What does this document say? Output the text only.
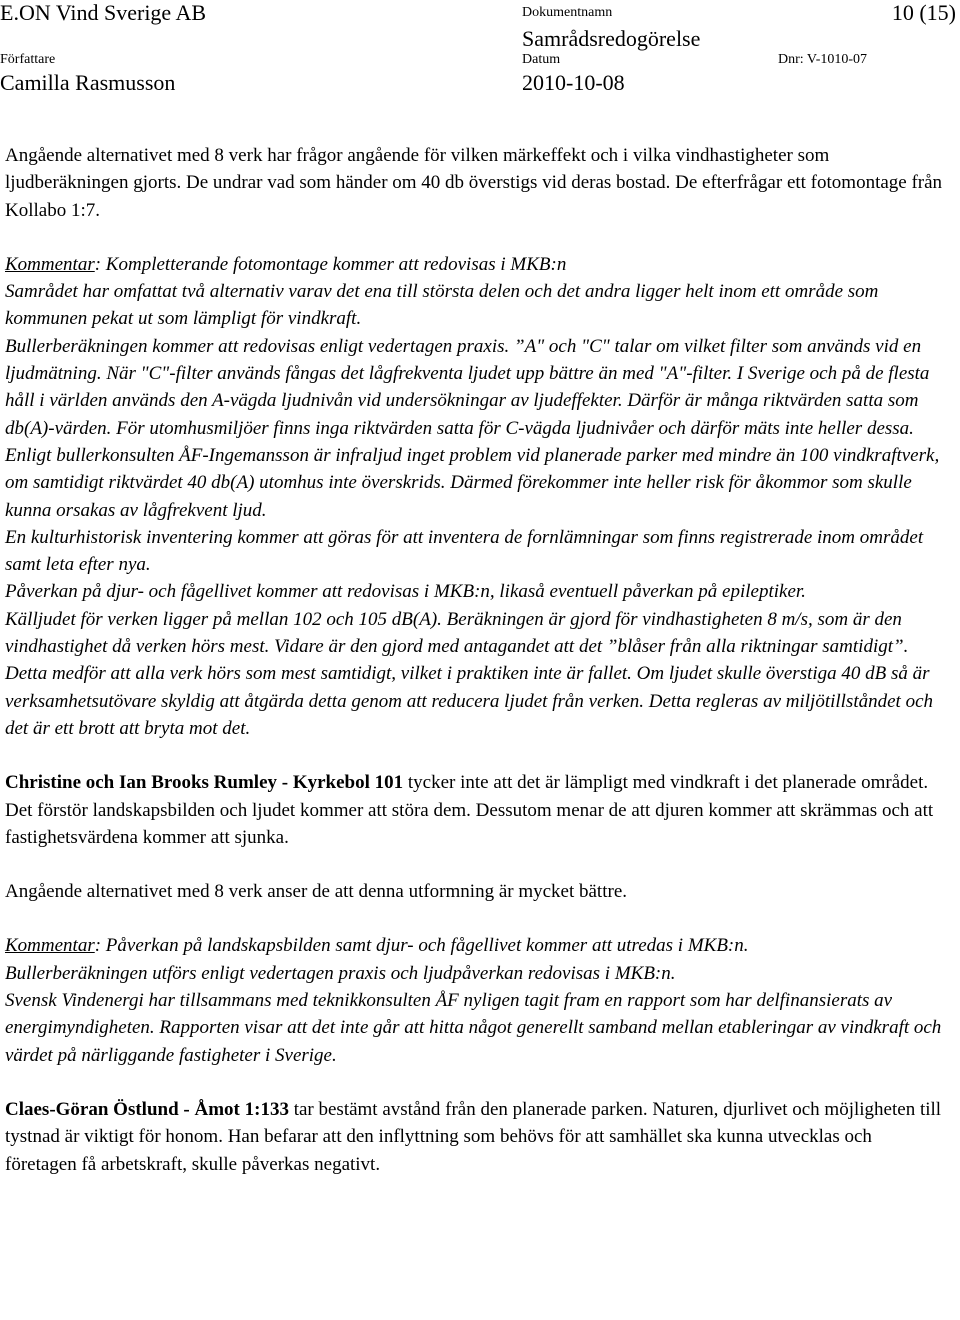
E.ON Vind Sverige AB	Dokumentnamn	10 (15)
Samrådsredogörelse
Författare	Datum	Dnr: V-1010-07
Camilla Rasmusson	2010-10-08

Angående alternativet med 8 verk har frågor angående för vilken märkeffekt och i vilka vindhastigheter som ljudberäkningen gjorts. De undrar vad som händer om 40 db överstigs vid deras bostad. De efterfrågar ett fotomontage från Kollabo 1:7.

Kommentar: Kompletterande fotomontage kommer att redovisas i MKB:n

Samrådet har omfattat två alternativ varav det ena till största delen och det andra ligger helt inom ett område som kommunen pekat ut som lämpligt för vindkraft.

Bullerberäkningen kommer att redovisas enligt vedertagen praxis. ”A" och "C" talar om vilket filter som används vid en ljudmätning. När "C"-filter används fångas det lågfrekventa ljudet upp bättre än med "A"-filter. I Sverige och på de flesta håll i världen används den A-vägda ljudnivån vid undersökningar av ljudeffekter. Därför är många riktvärden satta som db(A)-värden. För utomhusmiljöer finns inga riktvärden satta för C-vägda ljudnivåer och därför mäts inte heller dessa. Enligt bullerkonsulten ÅF-Ingemansson är infraljud inget problem vid planerade parker med mindre än 100 vindkraftverk, om samtidigt riktvärdet 40 db(A) utomhus inte överskrids. Därmed förekommer inte heller risk för åkommor som skulle kunna orsakas av lågfrekvent ljud.

En kulturhistorisk inventering kommer att göras för att inventera de fornlämningar som finns registrerade inom området samt leta efter nya.

Påverkan på djur- och fågellivet kommer att redovisas i MKB:n, likaså eventuell påverkan på epileptiker.

Källjudet för verken ligger på mellan 102 och 105 dB(A). Beräkningen är gjord för vindhastigheten 8 m/s, som är den vindhastighet då verken hörs mest. Vidare är den gjord med antagandet att det ”blåser från alla riktningar samtidigt”. Detta medför att alla verk hörs som mest samtidigt, vilket i praktiken inte är fallet. Om ljudet skulle överstiga 40 dB så är verksamhetsutövare skyldig att åtgärda detta genom att reducera ljudet från verken. Detta regleras av miljötillståndet och det är ett brott att bryta mot det.

Christine och Ian Brooks Rumley - Kyrkebol 101 tycker inte att det är lämpligt med vindkraft i det planerade området. Det förstör landskapsbilden och ljudet kommer att störa dem. Dessutom menar de att djuren kommer att skrämmas och att fastighetsvärdena kommer att sjunka.

Angående alternativet med 8 verk anser de att denna utformning är mycket bättre.

Kommentar: Påverkan på landskapsbilden samt djur- och fågellivet kommer att utredas i MKB:n.

Bullerberäkningen utförs enligt vedertagen praxis och ljudpåverkan redovisas i MKB:n.

Svensk Vindenergi har tillsammans med teknikkonsulten ÅF nyligen tagit fram en rapport som har delfinansierats av energimyndigheten. Rapporten visar att det inte går att hitta något generellt samband mellan etableringar av vindkraft och värdet på närliggande fastigheter i Sverige.

Claes-Göran Östlund - Åmot 1:133 tar bestämt avstånd från den planerade parken. Naturen, djurlivet och möjligheten till tystnad är viktigt för honom. Han befarar att den inflyttning som behövs för att samhället ska kunna utvecklas och företagen få arbetskraft, skulle påverkas negativt.
